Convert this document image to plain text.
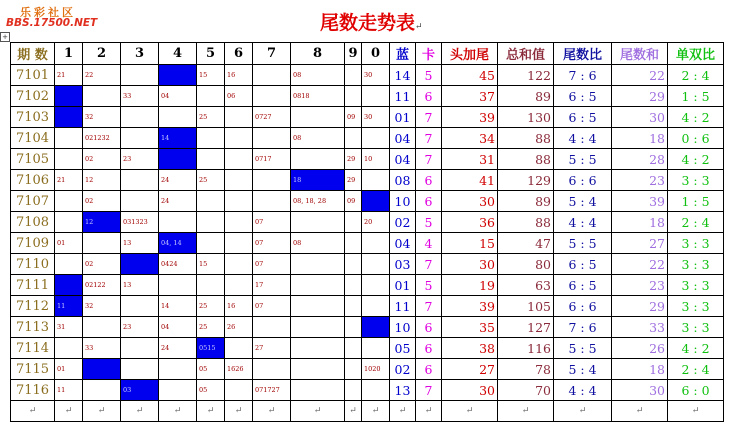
乐彩社区
BBS.17500.NET	尾数走势表↵
+
期 数	1	2	3	4	5	6	7	8	9	0	蓝	卡	头加尾	总和值	尾数比	尾数和	单双比
7101	21	22			15	16		08		30	14	5	45	122	7 : 6	22	2 : 4
7102			33	04		06		0818			11	6	37	89	6 : 5	29	1 : 5
7103		32			25		0727		09	30	01	7	39	130	6 : 5	30	4 : 2
7104		021232		14				08			04	7	34	88	4 : 4	18	0 : 6
7105		02	23				0717		29	10	04	7	31	88	5 : 5	28	4 : 2
7106	21	12		24	25			18	29		08	6	41	129	6 : 6	23	3 : 3
7107		02		24				08, 18, 28	09		10	6	30	89	5 : 4	39	1 : 5
7108		12	031323				07			20	02	5	36	88	4 : 4	18	2 : 4
7109	01		13	04, 14			07	08			04	4	15	47	5 : 5	27	3 : 3
7110		02		0424	15		07				03	7	30	80	6 : 5	22	3 : 3
7111		02122	13				17				01	5	19	63	6 : 5	23	3 : 3
7112	11	32		14	25	16	07				11	7	39	105	6 : 6	29	3 : 3
7113	31		23	04	25	26					10	6	35	127	7 : 6	33	3 : 3
7114		33		24	0515		27				05	6	38	116	5 : 5	26	4 : 2
7115	01				05	1626				1020	02	6	27	78	5 : 4	18	2 : 4
7116	11		03		05		071727				13	7	30	70	4 : 4	30	6 : 0
↵	↵	↵	↵	↵	↵	↵	↵	↵	↵	↵	↵	↵	↵	↵	↵	↵	↵
